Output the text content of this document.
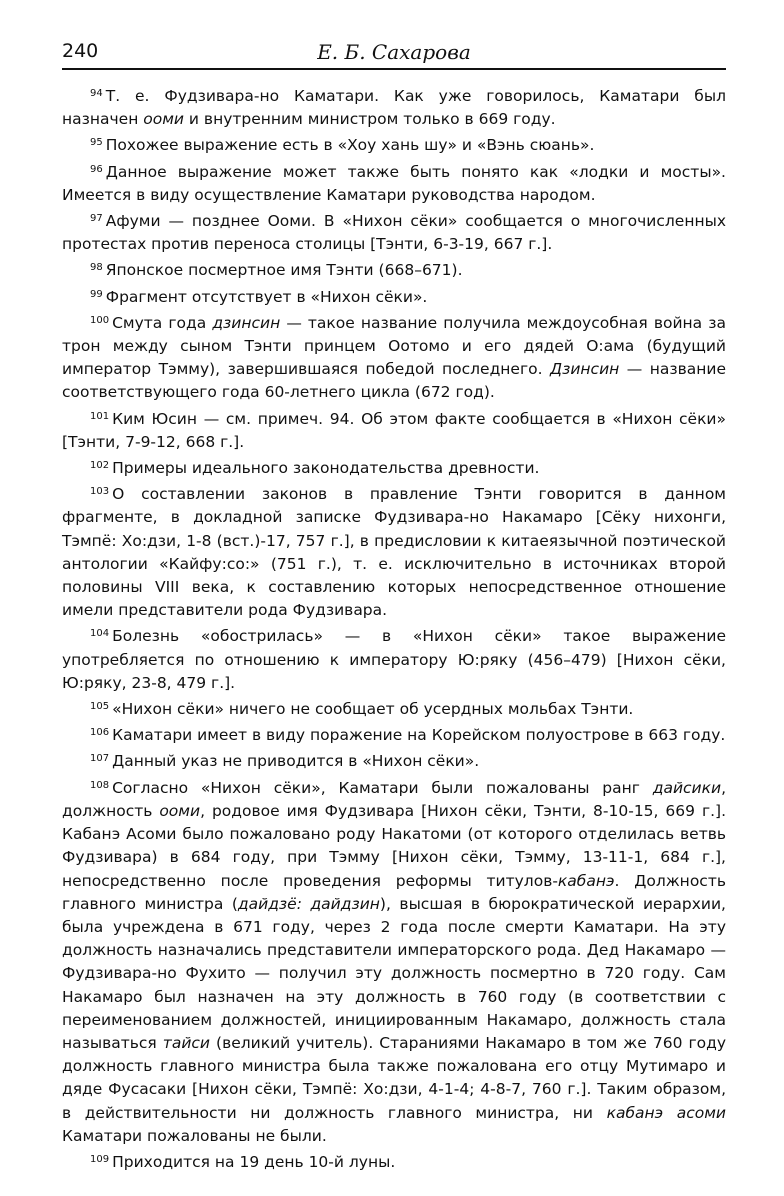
240	Е. Б. Сахарова

$^{94}$ Т. е. Фудзивара-но Каматари. Как уже говорилось, Каматари был назначен ооми и внутренним министром только в 669 году.

$^{95}$ Похожее выражение есть в «Хоу хань шу» и «Вэнь сюань».

$^{96}$ Данное выражение может также быть понято как «лодки и мосты». Имеется в виду осуществление Каматари руководства народом.

$^{97}$ Афуми — позднее Ооми. В «Нихон сёки» сообщается о многочисленных протестах против переноса столицы [Тэнти, 6-3-19, 667 г.].

$^{98}$ Японское посмертное имя Тэнти (668–671).

$^{99}$ Фрагмент отсутствует в «Нихон сёки».

$^{100}$ Смута года дзинсин — такое название получила междоусобная война за трон между сыном Тэнти принцем Оотомо и его дядей О:ама (будущий император Тэмму), завершившаяся победой последнего. Дзинсин — название соответствующего года 60-летнего цикла (672 год).

$^{101}$ Ким Юсин — см. примеч. 94. Об этом факте сообщается в «Нихон сёки» [Тэнти, 7-9-12, 668 г.].

$^{102}$ Примеры идеального законодательства древности.

$^{103}$ О составлении законов в правление Тэнти говорится в данном фрагменте, в докладной записке Фудзивара-но Накамаро [Сёку нихонги, Тэмпё: Хо:дзи, 1-8 (вст.)-17, 757 г.], в предисловии к китаеязычной поэтической антологии «Кайфу:со:» (751 г.), т. е. исключительно в источниках второй половины VIII века, к составлению которых непосредственное отношение имели представители рода Фудзивара.

$^{104}$ Болезнь «обострилась» — в «Нихон сёки» такое выражение употребляется по отношению к императору Ю:ряку (456–479) [Нихон сёки, Ю:ряку, 23-8, 479 г.].

$^{105}$ «Нихон сёки» ничего не сообщает об усердных мольбах Тэнти.

$^{106}$ Каматари имеет в виду поражение на Корейском полуострове в 663 году.

$^{107}$ Данный указ не приводится в «Нихон сёки».

$^{108}$ Согласно «Нихон сёки», Каматари были пожалованы ранг дайсики, должность ооми, родовое имя Фудзивара [Нихон сёки, Тэнти, 8-10-15, 669 г.]. Кабанэ Асоми было пожаловано роду Накатоми (от которого отделилась ветвь Фудзивара) в 684 году, при Тэмму [Нихон сёки, Тэмму, 13-11-1, 684 г.], непосредственно после проведения реформы титулов-кабанэ. Должность главного министра (дайдзё: дайдзин), высшая в бюрократической иерархии, была учреждена в 671 году, через 2 года после смерти Каматари. На эту должность назначались представители императорского рода. Дед Накамаро — Фудзивара-но Фухито — получил эту должность посмертно в 720 году. Сам Накамаро был назначен на эту должность в 760 году (в соответствии с переименованием должностей, инициированным Накамаро, должность стала называться тайси (великий учитель). Стараниями Накамаро в том же 760 году должность главного министра была также пожалована его отцу Мутимаро и дяде Фусасаки [Нихон сёки, Тэмпё: Хо:дзи, 4-1-4; 4-8-7, 760 г.]. Таким образом, в действительности ни должность главного министра, ни кабанэ асоми Каматари пожалованы не были.

$^{109}$ Приходится на 19 день 10-й луны.
